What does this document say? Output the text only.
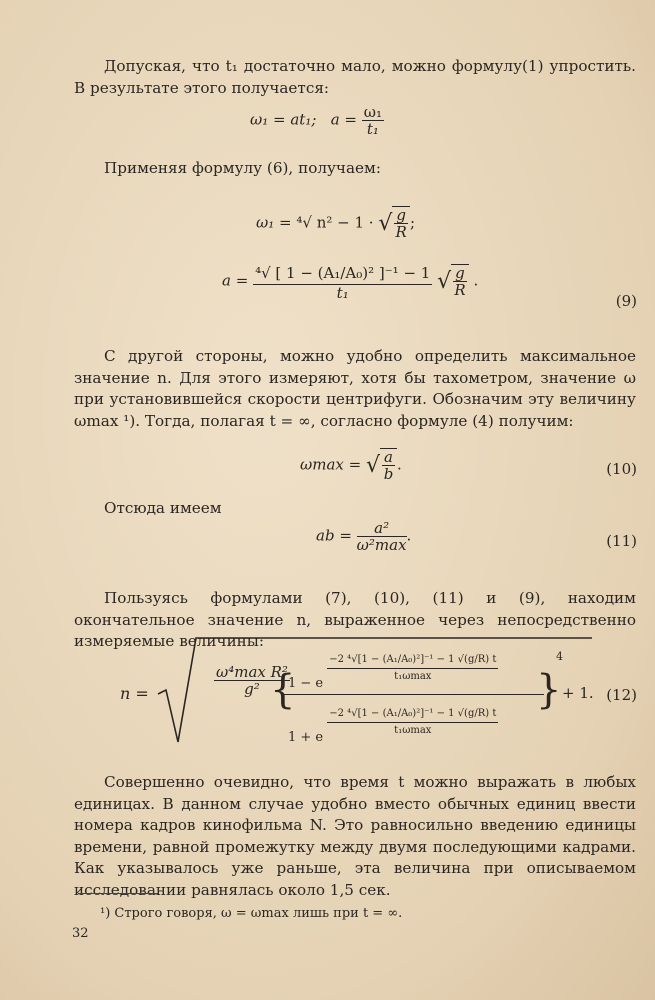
Допуская, что t₁ достаточно мало, можно формулу(1) упростить. В результате этого получается:
ω₁ = at₁; $a = \frac{\text{ω₁}}{\text{t₁}}$
Применяя формулу (6), получаем:
ω₁ = ⁴√ n² − 1 · √ $\frac{g}{R}$ ;
$a = \frac{\text{⁴√ [ 1 − (A₁/A₀)² ]⁻¹ − 1}}{\text{t₁}}$ √ $\frac{g}{R}$ .
(9)
С другой стороны, можно удобно определить максимальное значение n. Для этого измеряют, хотя бы тахометром, значение ω при установившейся скорости центрифуги. Обозначим эту величину ωmax ¹). Тогда, полагая t = ∞, согласно формуле (4) получим:
ωmax = √ $\frac{a}{b}$ .	(10)
Отсюда имеем
ab = $\frac{\text{a²}}{\text{ω²max}}$ .	(11)
Пользуясь формулами (7), (10), (11) и (9), находим окончательное значение n, выраженное через непосредственно измеряемые величины:
n =	$\frac{\text{ω⁴max R²}}{\text{g²}}$
{
1 − e $\frac{\text{−2 ⁴√[1 − (A₁/A₀)²]⁻¹ − 1 √(g/R) t}}{\text{t₁ωmax}}$
1 + e $\frac{\text{−2 ⁴√[1 − (A₁/A₀)²]⁻¹ − 1 √(g/R) t}}{\text{t₁ωmax}}$
}
4
+ 1. (12)
Совершенно очевидно, что время t можно выражать в любых единицах. В данном случае удобно вместо обычных единиц ввести номера кадров кинофильма N. Это равносильно введению единицы времени, равной промежутку между двумя последующими кадрами. Как указывалось уже раньше, эта величина при описываемом исследовании равнялась около 1,5 сек.
¹) Строго говоря, ω = ωmax лишь при t = ∞.
32
